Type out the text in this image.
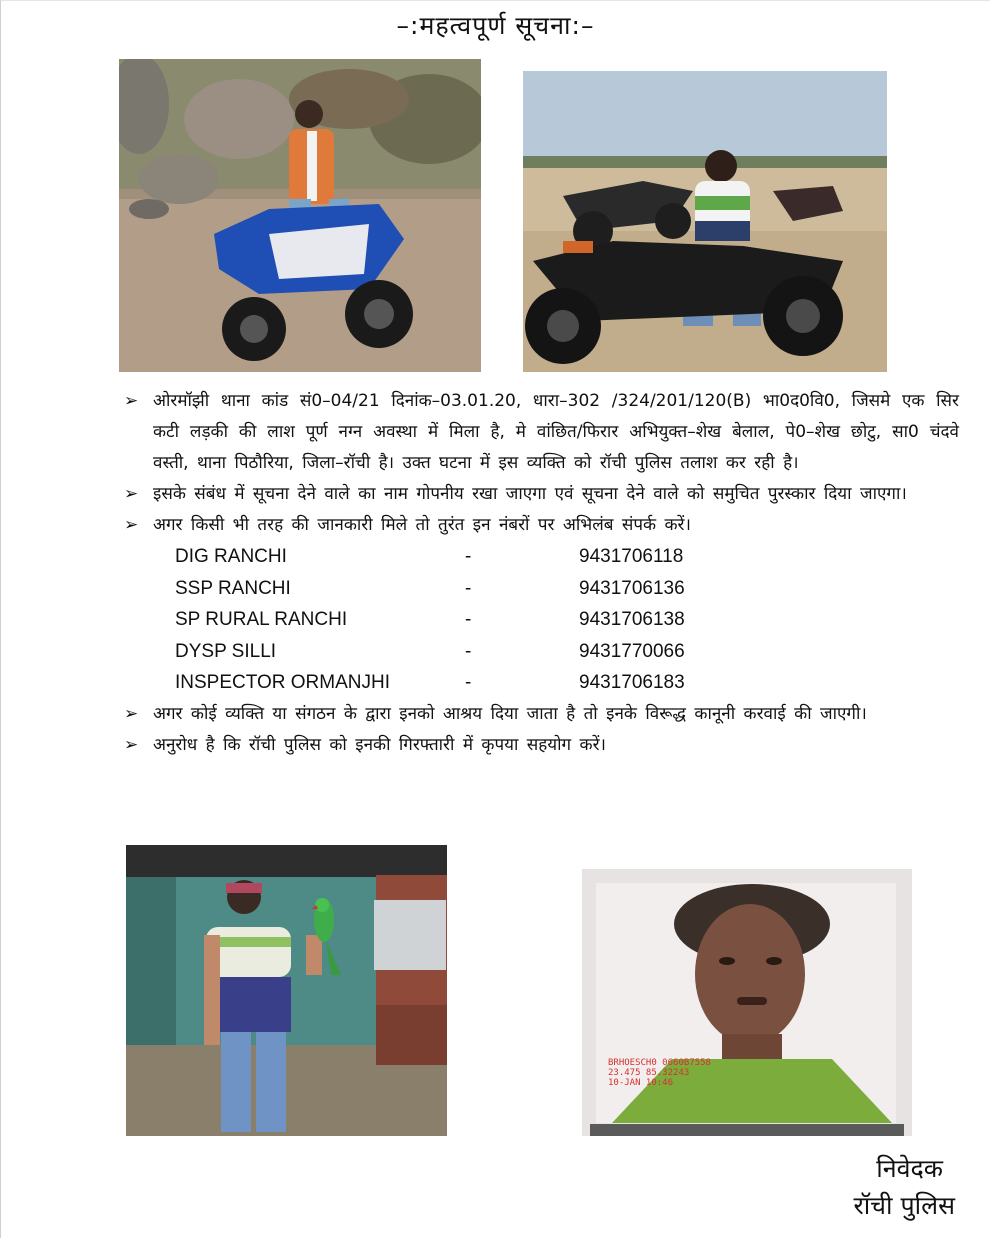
–:महत्वपूर्ण सूचना:–
➢ ओरमॉझी थाना कांड सं0–04/21 दिनांक–03.01.20, धारा–302 /324/201/120(B) भा0द0वि0, जिसमे एक सिर कटी लड़की की लाश पूर्ण नग्न अवस्था में मिला है, मे वांछित/फिरार अभियुक्त–शेख बेलाल, पे0–शेख छोटु, सा0 चंदवे वस्ती, थाना पिठौरिया, जिला–रॉची है। उक्त घटना में इस व्यक्ति को रॉची पुलिस तलाश कर रही है।
➢ इसके संबंध में सूचना देने वाले का नाम गोपनीय रखा जाएगा एवं सूचना देने वाले को समुचित पुरस्कार दिया जाएगा।
➢ अगर किसी भी तरह की जानकारी मिले तो तुरंत इन नंबरों पर अभिलंब संपर्क करें।
DIG RANCHI	-	9431706118
SSP RANCHI	-	9431706136
SP RURAL RANCHI	-	9431706138
DYSP SILLI	-	9431770066
INSPECTOR ORMANJHI	-	9431706183
➢ अगर कोई व्यक्ति या संगठन के द्वारा इनको आश्रय दिया जाता है तो इनके विरूद्ध कानूनी करवाई की जाएगी।
➢ अनुरोध है कि रॉची पुलिस को इनकी गिरफ्तारी में कृपया सहयोग करें।
BRHOESCH0 0660B7558
23.475 85.32243
10-JAN 10:46
निवेदक
रॉची पुलिस
